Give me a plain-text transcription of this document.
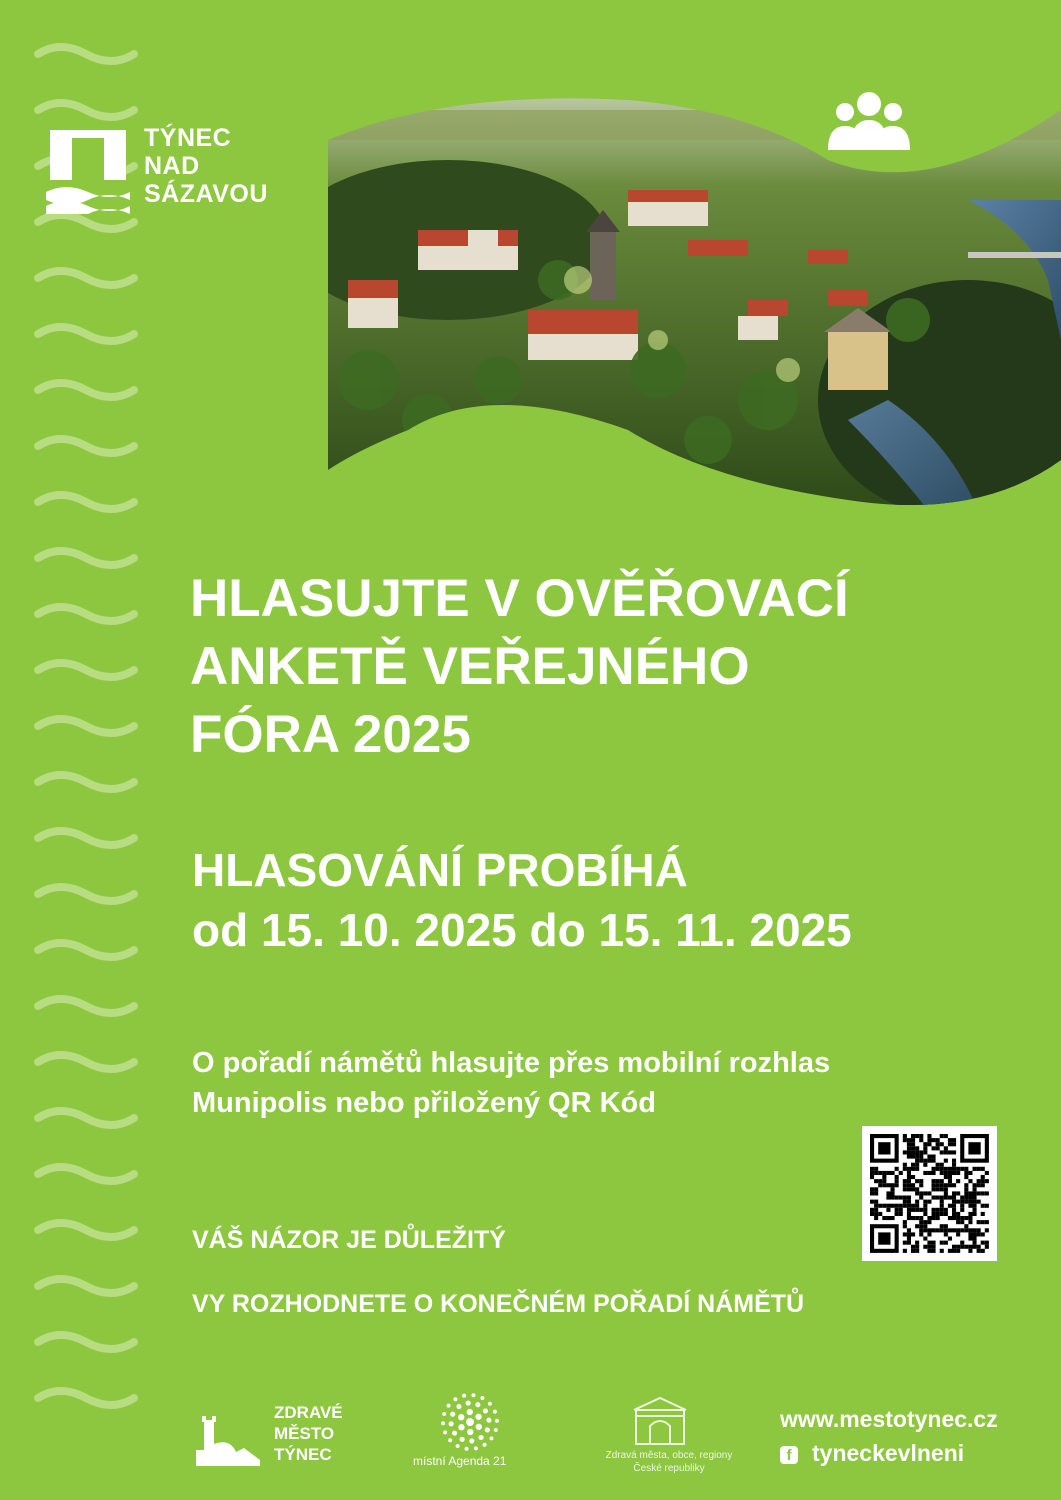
TÝNEC
NAD
SÁZAVOU
HLASUJTE V OVĚŘOVACÍ
ANKETĚ VEŘEJNÉHO
FÓRA 2025
HLASOVÁNÍ PROBÍHÁ
od 15. 10. 2025 do 15. 11. 2025
O pořadí námětů hlasujte přes mobilní rozhlas
Munipolis nebo přiložený QR Kód
VÁŠ NÁZOR JE DŮLEŽITÝ
VY ROZHODNETE O KONEČNÉM POŘADÍ NÁMĚTŮ
ZDRAVÉ
MĚSTO
TÝNEC	místní Agenda 21	Zdravá města, obce, regiony
České republiky
www.mestotynec.cz
f tyneckevlneni
